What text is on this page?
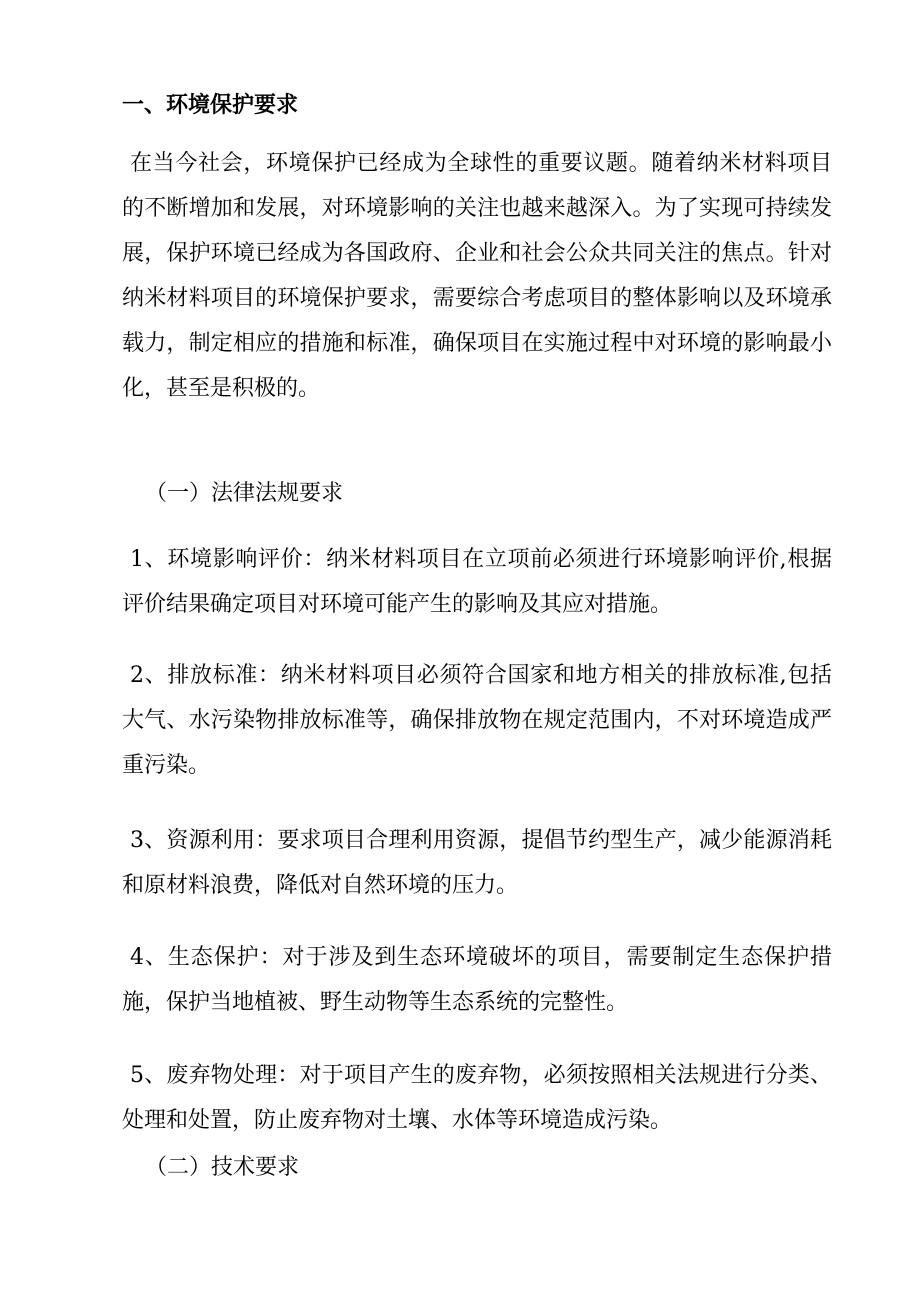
一、环境保护要求

在当今社会，环境保护已经成为全球性的重要议题。随着纳米材料项目的不断增加和发展，对环境影响的关注也越来越深入。为了实现可持续发展，保护环境已经成为各国政府、企业和社会公众共同关注的焦点。针对纳米材料项目的环境保护要求，需要综合考虑项目的整体影响以及环境承载力，制定相应的措施和标准，确保项目在实施过程中对环境的影响最小化，甚至是积极的。

（一）法律法规要求

1、环境影响评价：纳米材料项目在立项前必须进行环境影响评价,根据评价结果确定项目对环境可能产生的影响及其应对措施。

2、排放标准：纳米材料项目必须符合国家和地方相关的排放标准,包括大气、水污染物排放标准等，确保排放物在规定范围内，不对环境造成严重污染。

3、资源利用：要求项目合理利用资源，提倡节约型生产，减少能源消耗和原材料浪费，降低对自然环境的压力。

4、生态保护：对于涉及到生态环境破坏的项目，需要制定生态保护措施，保护当地植被、野生动物等生态系统的完整性。

5、废弃物处理：对于项目产生的废弃物，必须按照相关法规进行分类、处理和处置，防止废弃物对土壤、水体等环境造成污染。

（二）技术要求
